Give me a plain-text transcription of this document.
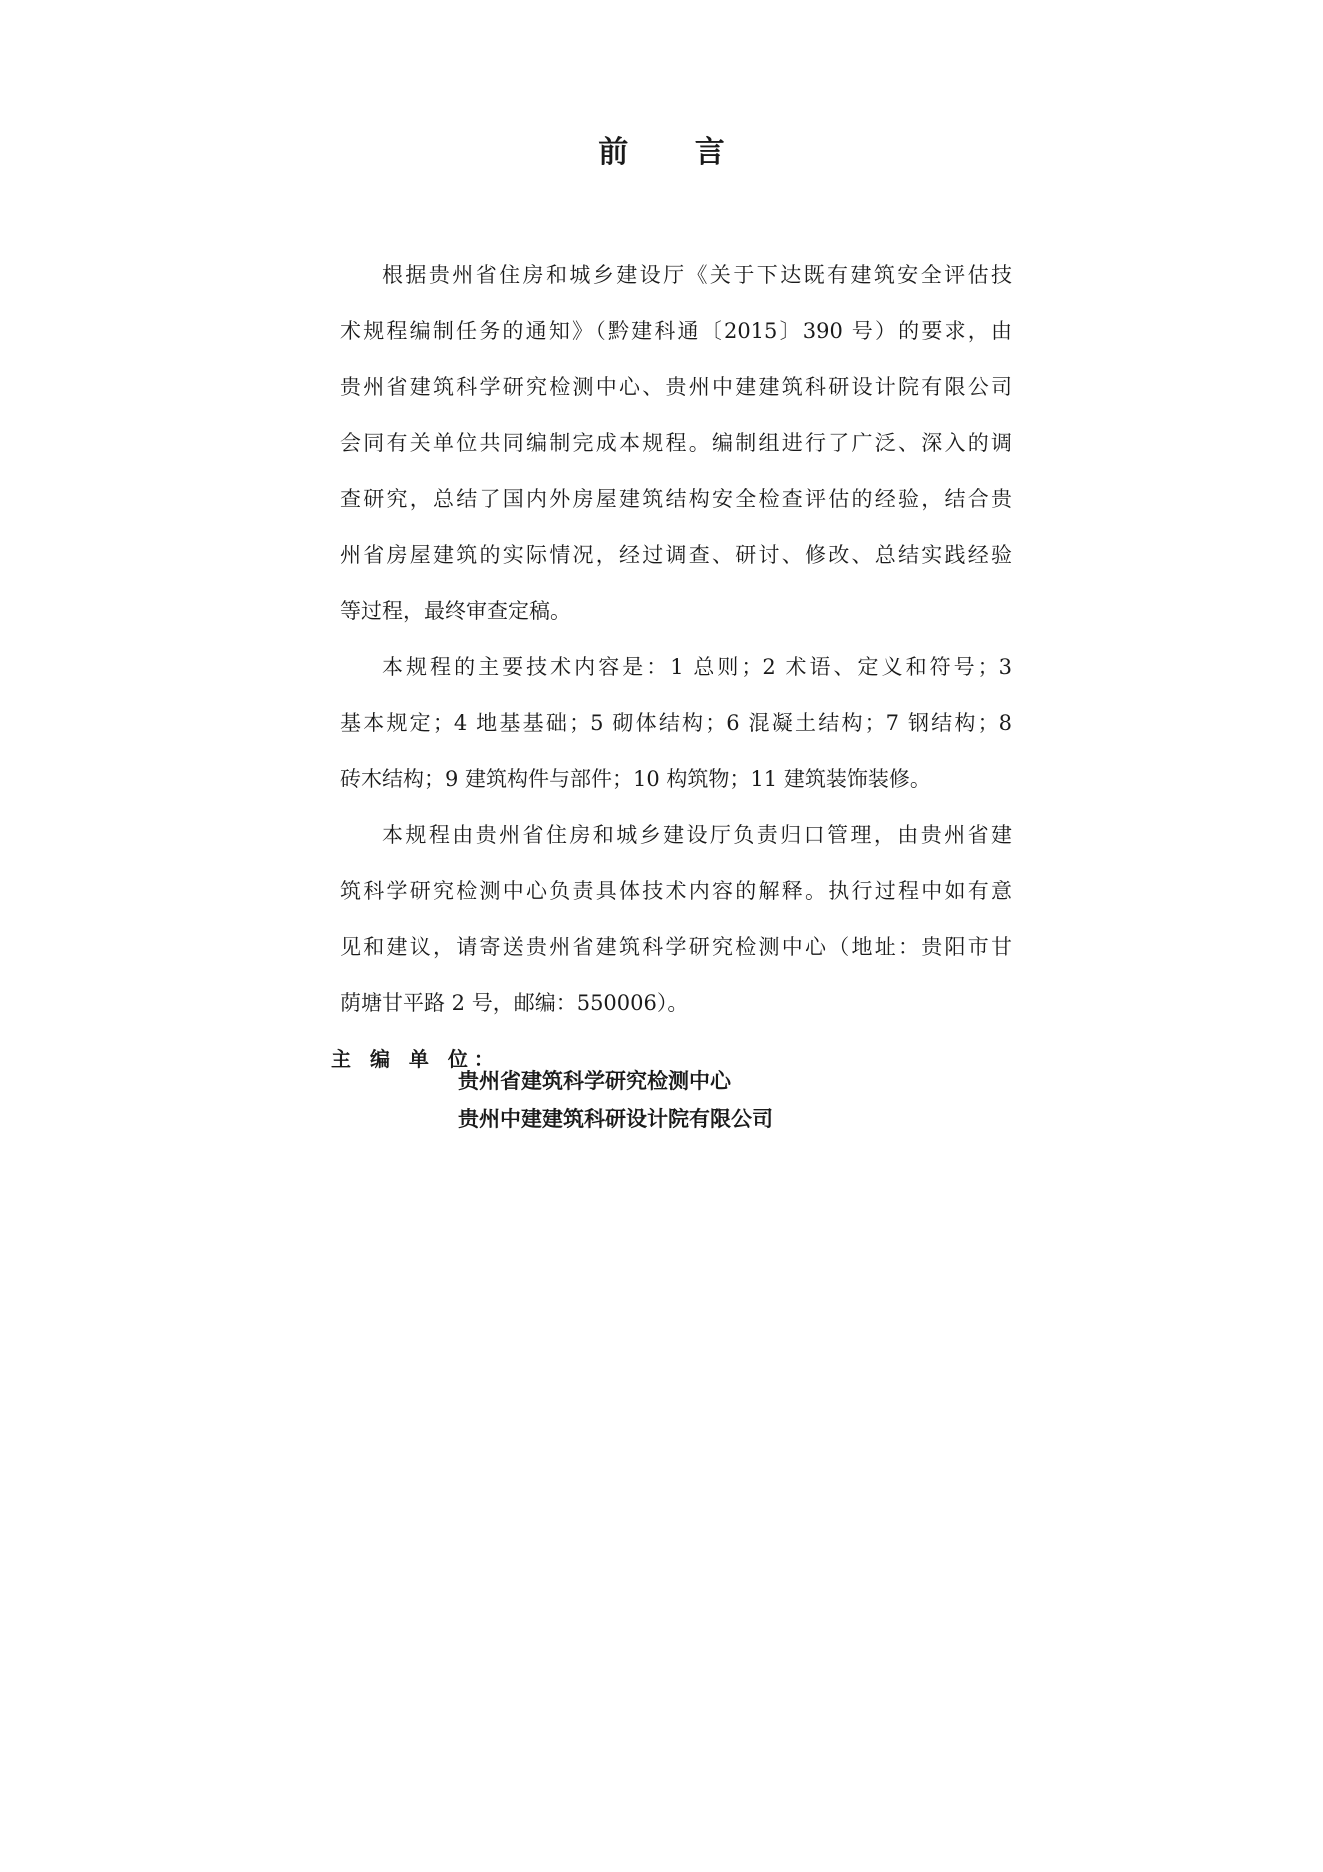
前 言
根据贵州省住房和城乡建设厅《关于下达既有建筑安全评估技
术规程编制任务的通知》（黔建科通〔2015〕390 号）的要求，由
贵州省建筑科学研究检测中心、贵州中建建筑科研设计院有限公司
会同有关单位共同编制完成本规程。编制组进行了广泛、深入的调
查研究，总结了国内外房屋建筑结构安全检查评估的经验，结合贵
州省房屋建筑的实际情况，经过调查、研讨、修改、总结实践经验
等过程，最终审查定稿。
本规程的主要技术内容是：1 总则；2 术语、定义和符号；3
基本规定；4 地基基础；5 砌体结构；6 混凝土结构；7 钢结构；8
砖木结构；9 建筑构件与部件；10 构筑物；11 建筑装饰装修。
本规程由贵州省住房和城乡建设厅负责归口管理，由贵州省建
筑科学研究检测中心负责具体技术内容的解释。执行过程中如有意
见和建议，请寄送贵州省建筑科学研究检测中心（地址：贵阳市甘
荫塘甘平路 2 号，邮编：550006）。
主 编 单 位：
贵州省建筑科学研究检测中心
贵州中建建筑科研设计院有限公司
